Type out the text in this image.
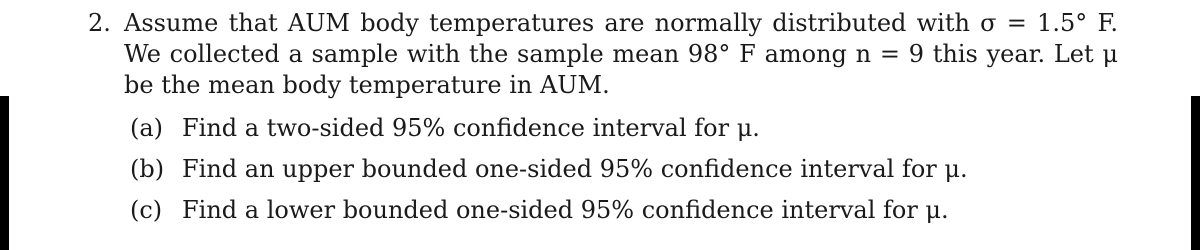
2. Assume that AUM body temperatures are normally distributed with σ = 1.5° F. We collected a sample with the sample mean 98° F among n = 9 this year. Let μ be the mean body temperature in AUM.
(a) Find a two-sided 95% confidence interval for μ.
(b) Find an upper bounded one-sided 95% confidence interval for μ.
(c) Find a lower bounded one-sided 95% confidence interval for μ.
